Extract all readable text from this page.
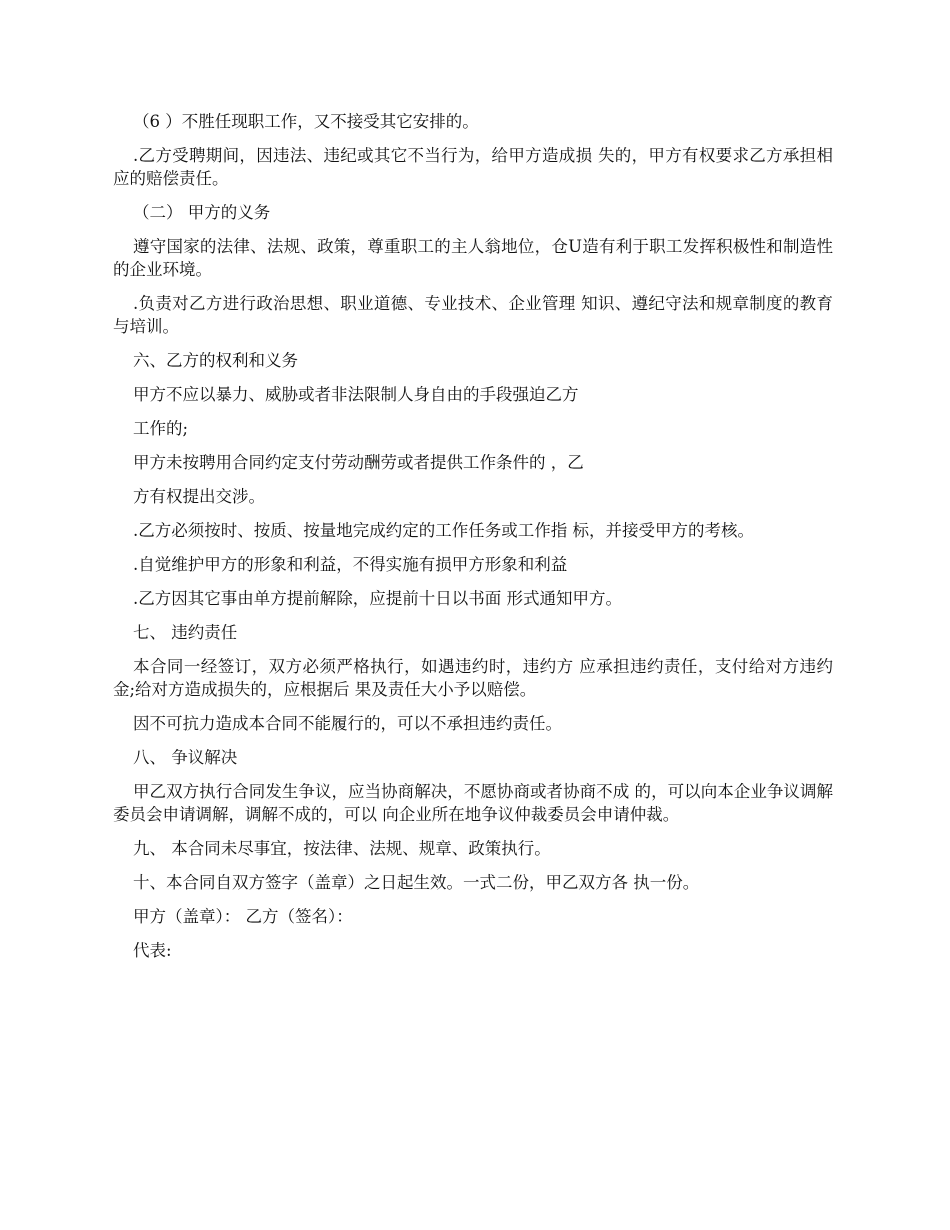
（6 ）不胜任现职工作，又不接受其它安排的。

.乙方受聘期间，因违法、违纪或其它不当行为，给甲方造成损 失的，甲方有权要求乙方承担相应的赔偿责任。

（二） 甲方的义务

遵守国家的法律、法规、政策，尊重职工的主人翁地位，仓U造有利于职工发挥积极性和制造性的企业环境。

.负责对乙方进行政治思想、职业道德、专业技术、企业管理 知识、遵纪守法和规章制度的教育与培训。

六、乙方的权利和义务

甲方不应以暴力、威胁或者非法限制人身自由的手段强迫乙方

工作的;

甲方未按聘用合同约定支付劳动酬劳或者提供工作条件的 ，乙

方有权提出交涉。

.乙方必须按时、按质、按量地完成约定的工作任务或工作指 标，并接受甲方的考核。

.自觉维护甲方的形象和利益，不得实施有损甲方形象和利益

.乙方因其它事由单方提前解除，应提前十日以书面 形式通知甲方。

七、 违约责任

本合同一经签订，双方必须严格执行，如遇违约时，违约方 应承担违约责任，支付给对方违约金;给对方造成损失的，应根据后 果及责任大小予以赔偿。

因不可抗力造成本合同不能履行的，可以不承担违约责任。

八、 争议解决

甲乙双方执行合同发生争议，应当协商解决，不愿协商或者协商不成 的，可以向本企业争议调解委员会申请调解，调解不成的，可以 向企业所在地争议仲裁委员会申请仲裁。

九、 本合同未尽事宜，按法律、法规、规章、政策执行。

十、本合同自双方签字（盖章）之日起生效。一式二份，甲乙双方各 执一份。

甲方（盖章）： 乙方（签名）：

代表:
